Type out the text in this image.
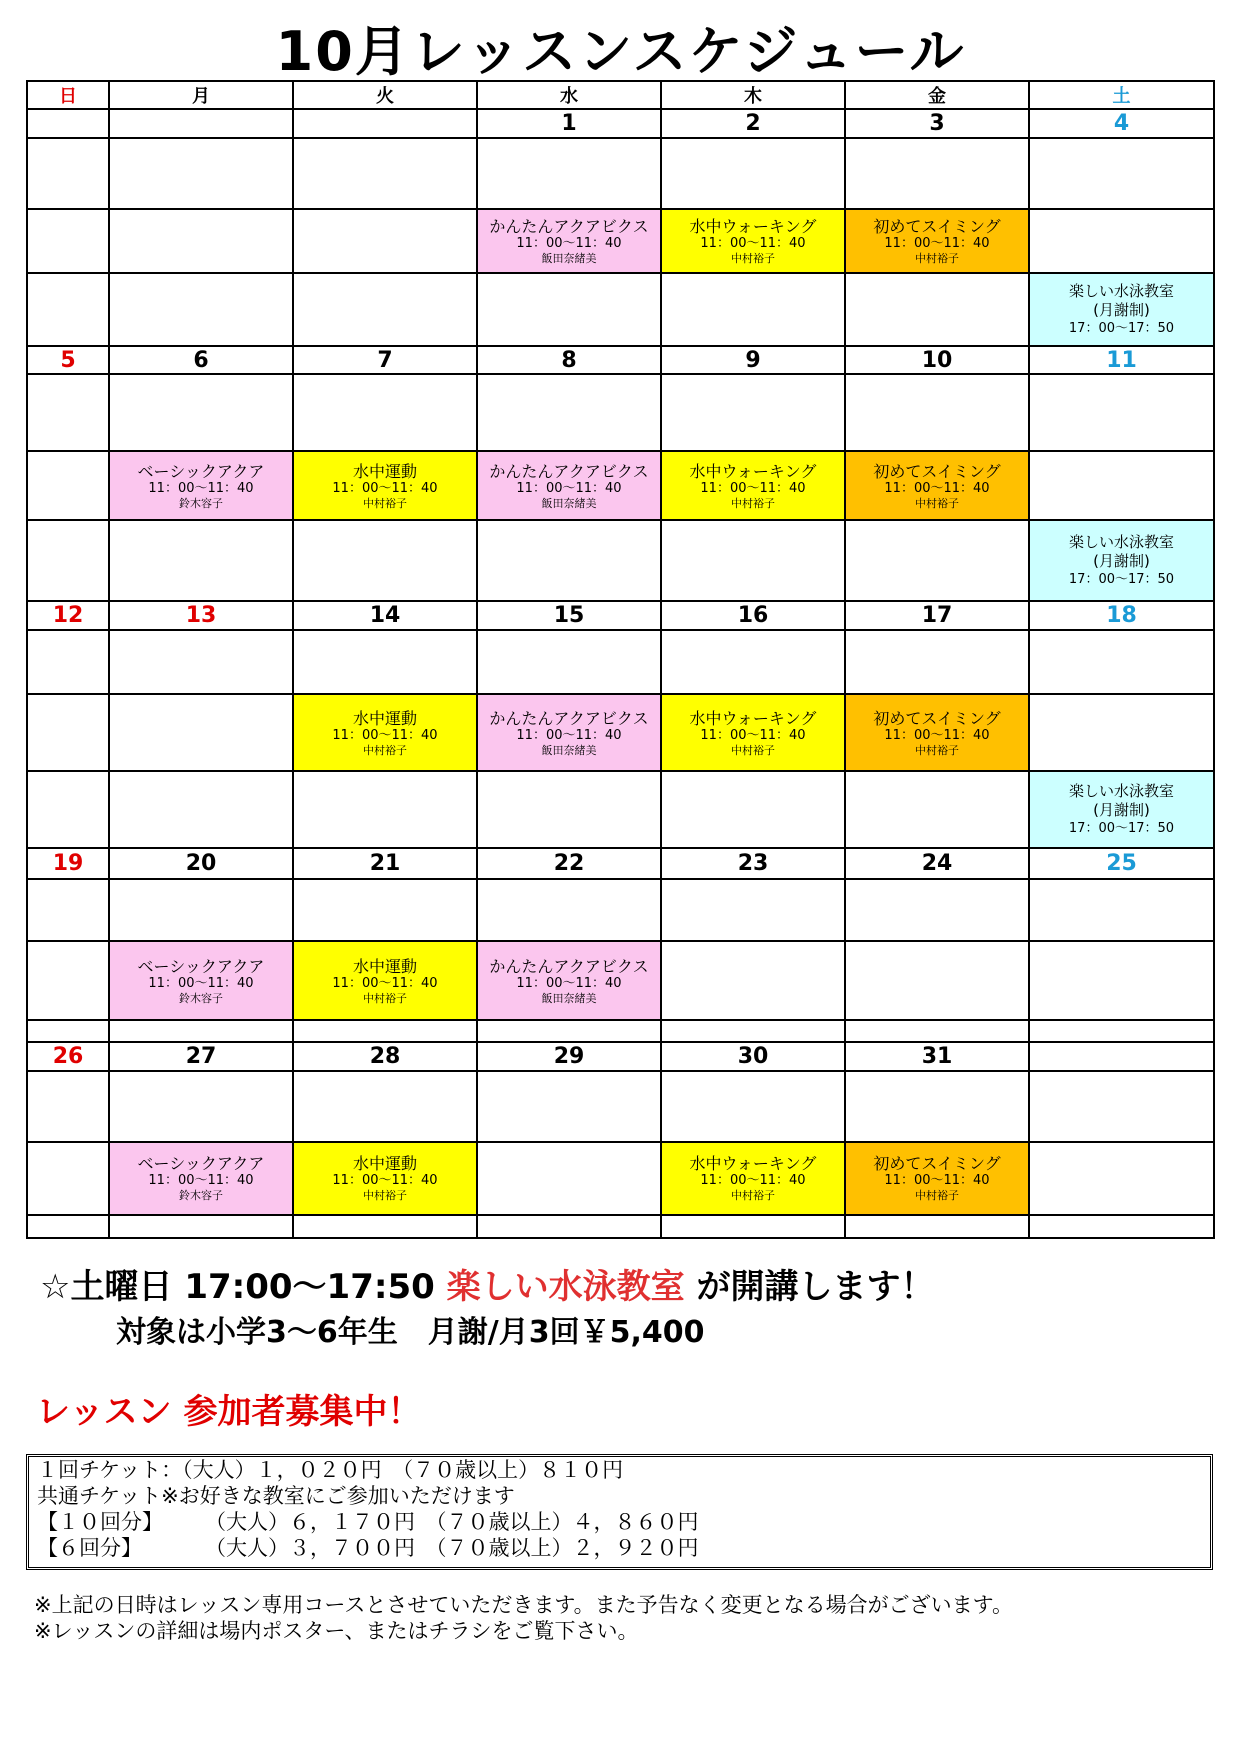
10月レッスンスケジュール
日	月	火	水	木	金	土
			1	2	3	4

			かんたんアクアビクス
11：00〜11：40
飯田奈緒美	水中ウォーキング
11：00〜11：40
中村裕子	初めてスイミング
11：00〜11：40
中村裕子	

						楽しい水泳教室
(月謝制)
17：00〜17：50

5	6	7	8	9	10	11

	ベーシックアクア
11：00〜11：40
鈴木容子	水中運動
11：00〜11：40
中村裕子	かんたんアクアビクス
11：00〜11：40
飯田奈緒美	水中ウォーキング
11：00〜11：40
中村裕子	初めてスイミング
11：00〜11：40
中村裕子	

						楽しい水泳教室
(月謝制)
17：00〜17：50

12	13	14	15	16	17	18

		水中運動
11：00〜11：40
中村裕子	かんたんアクアビクス
11：00〜11：40
飯田奈緒美	水中ウォーキング
11：00〜11：40
中村裕子	初めてスイミング
11：00〜11：40
中村裕子	

						楽しい水泳教室
(月謝制)
17：00〜17：50

19	20	21	22	23	24	25

	ベーシックアクア
11：00〜11：40
鈴木容子	水中運動
11：00〜11：40
中村裕子	かんたんアクアビクス
11：00〜11：40
飯田奈緒美			

26	27	28	29	30	31	

	ベーシックアクア
11：00〜11：40
鈴木容子	水中運動
11：00〜11：40
中村裕子		水中ウォーキング
11：00〜11：40
中村裕子	初めてスイミング
11：00〜11：40
中村裕子	

☆土曜日 17:00〜17:50 楽しい水泳教室 が開講します！
対象は小学3〜6年生　月謝/月3回￥5,400
レッスン 参加者募集中！
１回チケット：（大人）１，０２０円　（７０歳以上）８１０円
共通チケット※お好きな教室にご参加いただけます
【１０回分】　　　（大人）６，１７０円　（７０歳以上）４，８６０円
【６回分】　　　　（大人）３，７００円　（７０歳以上）２，９２０円
※上記の日時はレッスン専用コースとさせていただきます。また予告なく変更となる場合がございます。
※レッスンの詳細は場内ポスター、またはチラシをご覧下さい。
